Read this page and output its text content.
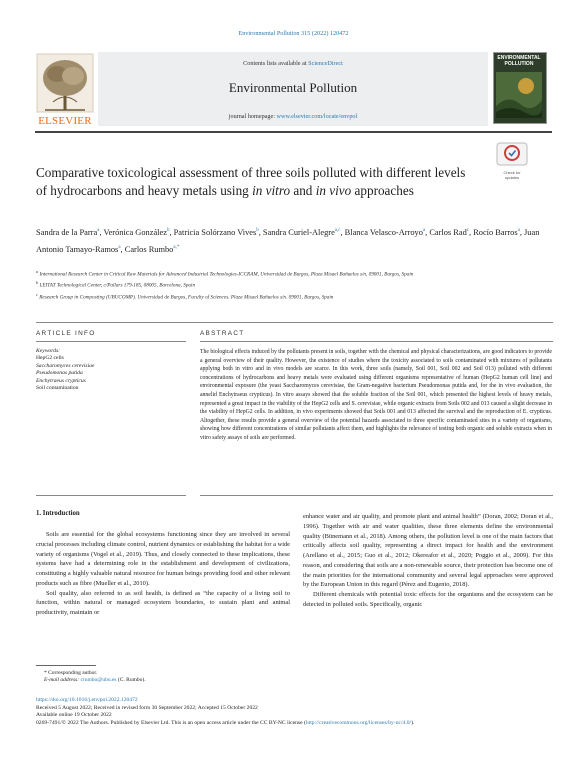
Environmental Pollution 315 (2022) 120472
ELSEVIER
Contents lists available at ScienceDirect
Environmental Pollution
journal homepage: www.elsevier.com/locate/envpol
ENVIRONMENTAL POLLUTION
Comparative toxicological assessment of three soils polluted with different levels of hydrocarbons and heavy metals using in vitro and in vivo approaches
Check for updates
Sandra de la Parra$^a$, Verónica González$^b$, Patricia Solórzano Vives$^b$, Sandra Curiel-Alegre$^{a,c}$, Blanca Velasco-Arroyo$^a$, Carlos Rad$^c$, Rocío Barros$^a$, Juan Antonio Tamayo-Ramos$^a$, Carlos Rumbo$^{a,*}$
$^a$ International Research Center in Critical Raw Materials for Advanced Industrial Technologies-ICCRAM, Universidad de Burgos, Plaza Misael Bañuelos s/n, 09001, Burgos, Spain
$^b$ LEITAT Technological Center, c/Pallars 179-185, 08005, Barcelona, Spain
$^c$ Research Group in Composting (UBUCOMP). Universidad de Burgos, Faculty of Sciences. Plaza Misael Bañuelos s/n. 09001, Burgos, Spain
ARTICLE INFO	ABSTRACT
Keywords:
HepG2 cells
Saccharomyces cerevisiae
Pseudomonas putida
Enchytraeus crypticus
Soil contamination
The biological effects induced by the pollutants present in soils, together with the chemical and physical characterizations, are good indicators to provide a general overview of their quality. However, the existence of studies where the toxicity associated to soils contaminated with mixtures of pollutants applying both in vitro and in vivo models are scarce. In this work, three soils (namely, Soil 001, Soil 002 and Soil 013) polluted with different concentrations of hydrocarbons and heavy metals were evaluated using different organisms representative of human (HepG2 human cell line) and environmental exposure (the yeast Saccharomyces cerevisiae, the Gram-negative bacterium Pseudomonas putida and, for the in vivo evaluation, the annelid Enchytraeus crypticus). In vitro assays showed that the soluble fraction of the Soil 001, which presented the highest levels of heavy metals, represented a great impact in the viability of the HepG2 cells and S. cerevisiae, while organic extracts from Soils 002 and 013 caused a slight decrease in the viability of HepG2 cells. In addition, in vivo experiments showed that Soils 001 and 013 affected the survival and the reproduction of E. crypticus. Altogether, these results provide a general overview of the potential hazards associated to three specific contaminated sites in a variety of organisms, showing how different concentrations of similar pollutants affect them, and highlights the relevance of testing both organic and soluble extracts when in vitro safety assays of soils are performed.
1. Introduction

Soils are essential for the global ecosystems functioning since they are involved in several crucial processes including climate control, nutrient dynamics or establishing the habitat for a wide variety of organisms (Vogel et al., 2019). Thus, and closely connected to these implications, these systems have had a determining role in the establishment and development of civilizations, constituting a highly valuable natural resource for human beings providing food and other relevant products such as fibre (Mueller et al., 2010).

Soil quality, also referred to as soil health, is defined as “the capacity of a living soil to function, within natural or managed ecosystem boundaries, to sustain plant and animal productivity, maintain or

enhance water and air quality, and promote plant and animal health” (Doran, 2002; Doran et al., 1996). Together with air and water qualities, these three elements define the environmental quality (Bünemann et al., 2018). Among others, the pollution level is one of the main factors that critically affects soil quality, representing a direct impact for health and the environment (Arellano et al., 2015; Guo et al., 2012; Okereafor et al., 2020; Poggio et al., 2009). For this reason, and considering that soils are a non-renewable source, their protection has become one of the main priorities for the international community and several legal approaches were approved by the European Union in this regard (Pérez and Eugenio, 2018).

Different chemicals with potential toxic effects for the organisms and the ecosystem can be detected in polluted soils. Specifically, organic

* Corresponding author.
E-mail address: crumbo@ubu.es (C. Rumbo).
https://doi.org/10.1016/j.envpol.2022.120472
Received 5 August 2022; Received in revised form 30 September 2022; Accepted 15 October 2022
Available online 19 October 2022
0269-7491/© 2022 The Authors. Published by Elsevier Ltd. This is an open access article under the CC BY-NC license (http://creativecommons.org/licenses/by-nc/4.0/).
